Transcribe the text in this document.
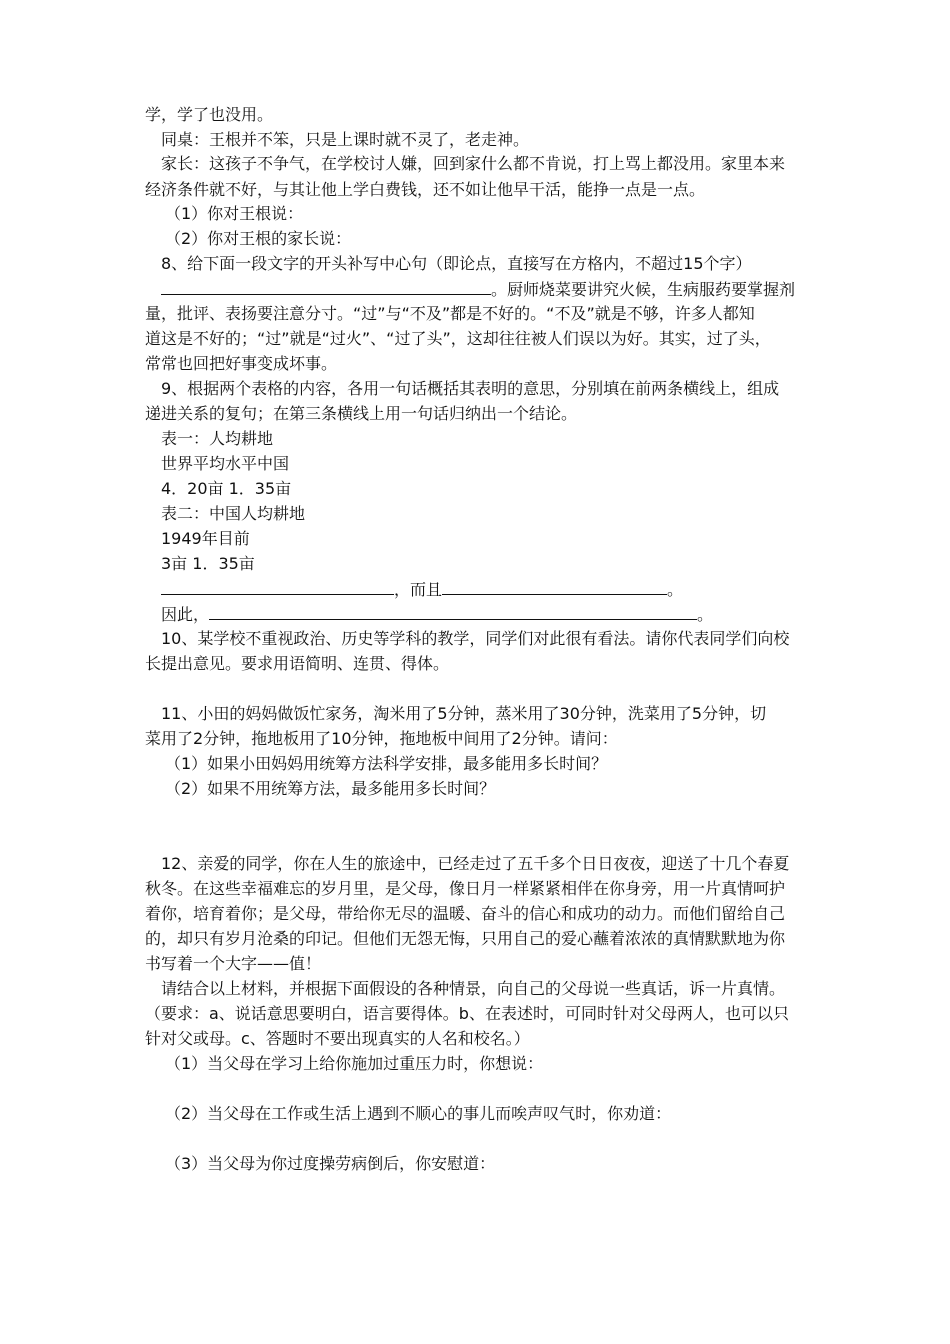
学，学了也没用。
同桌：王根并不笨，只是上课时就不灵了，老走神。
家长：这孩子不争气，在学校讨人嫌，回到家什么都不肯说，打上骂上都没用。家里本来
经济条件就不好，与其让他上学白费钱，还不如让他早干活，能挣一点是一点。
（1）你对王根说：
（2）你对王根的家长说：
8、给下面一段文字的开头补写中心句（即论点，直接写在方格内，不超过15个字）
。厨师烧菜要讲究火候，生病服药要掌握剂
量，批评、表扬要注意分寸。“过”与“不及”都是不好的。“不及”就是不够，许多人都知
道这是不好的；“过”就是“过火”、“过了头”，这却往往被人们误以为好。其实，过了头，
常常也回把好事变成坏事。
9、根据两个表格的内容，各用一句话概括其表明的意思，分别填在前两条横线上，组成
递进关系的复句；在第三条横线上用一句话归纳出一个结论。
表一：人均耕地
世界平均水平中国
4．20亩 1．35亩
表二：中国人均耕地
1949年目前
3亩 1．35亩
，而且	。
因此，	。
10、某学校不重视政治、历史等学科的教学，同学们对此很有看法。请你代表同学们向校
长提出意见。要求用语简明、连贯、得体。
11、小田的妈妈做饭忙家务，淘米用了5分钟，蒸米用了30分钟，洗菜用了5分钟，切
菜用了2分钟，拖地板用了10分钟，拖地板中间用了2分钟。请问：
（1）如果小田妈妈用统筹方法科学安排，最多能用多长时间？
（2）如果不用统筹方法，最多能用多长时间？
12、亲爱的同学，你在人生的旅途中，已经走过了五千多个日日夜夜，迎送了十几个春夏
秋冬。在这些幸福难忘的岁月里，是父母，像日月一样紧紧相伴在你身旁，用一片真情呵护
着你，培育着你；是父母，带给你无尽的温暖、奋斗的信心和成功的动力。而他们留给自己
的，却只有岁月沧桑的印记。但他们无怨无悔，只用自己的爱心蘸着浓浓的真情默默地为你
书写着一个大字——值！
请结合以上材料，并根据下面假设的各种情景，向自己的父母说一些真话，诉一片真情。
（要求：a、说话意思要明白，语言要得体。b、在表述时，可同时针对父母两人，也可以只
针对父或母。c、答题时不要出现真实的人名和校名。）
（1）当父母在学习上给你施加过重压力时，你想说：
（2）当父母在工作或生活上遇到不顺心的事儿而唉声叹气时，你劝道：
（3）当父母为你过度操劳病倒后，你安慰道：
